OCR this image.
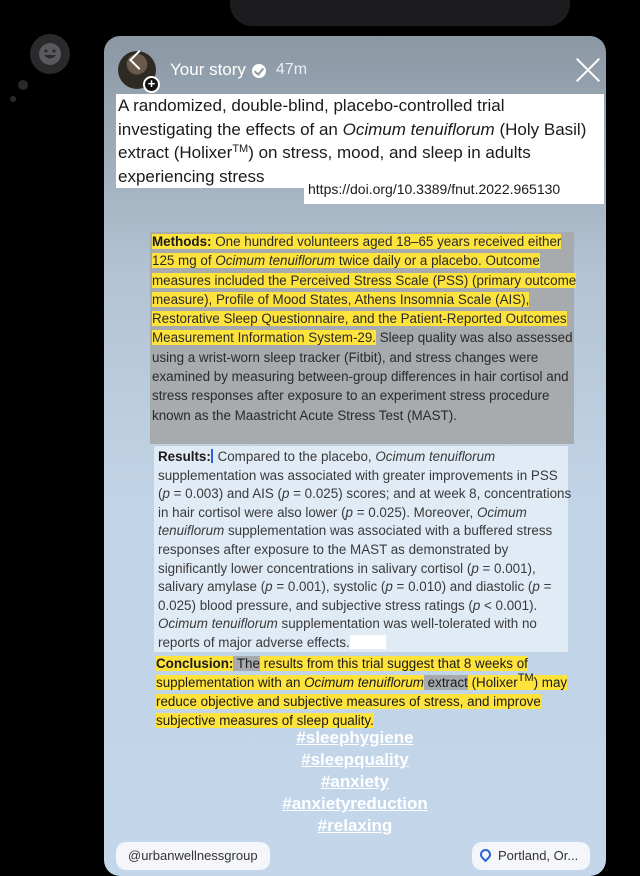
+
Your story 47m
A randomized, double-blind, placebo-controlled trial investigating the effects of an Ocimum tenuiflorum (Holy Basil) extract (Holixer™) on stress, mood, and sleep in adults experiencing stress
https://doi.org/10.3389/fnut.2022.965130
Methods: One hundred volunteers aged 18–65 years received either 125 mg of Ocimum tenuiflorum twice daily or a placebo. Outcome measures included the Perceived Stress Scale (PSS) (primary outcome measure), Profile of Mood States, Athens Insomnia Scale (AIS), Restorative Sleep Questionnaire, and the Patient-Reported Outcomes Measurement Information System-29. Sleep quality was also assessed using a wrist-worn sleep tracker (Fitbit), and stress changes were examined by measuring between-group differences in hair cortisol and stress responses after exposure to an experiment stress procedure known as the Maastricht Acute Stress Test (MAST).
Results: Compared to the placebo, Ocimum tenuiflorum supplementation was associated with greater improvements in PSS (p = 0.003) and AIS (p = 0.025) scores; and at week 8, concentrations in hair cortisol were also lower (p = 0.025). Moreover, Ocimum tenuiflorum supplementation was associated with a buffered stress responses after exposure to the MAST as demonstrated by significantly lower concentrations in salivary cortisol (p = 0.001), salivary amylase (p = 0.001), systolic (p = 0.010) and diastolic (p = 0.025) blood pressure, and subjective stress ratings (p < 0.001). Ocimum tenuiflorum supplementation was well-tolerated with no reports of major adverse effects.
Conclusion: The results from this trial suggest that 8 weeks of supplementation with an Ocimum tenuiflorum extract (Holixer™) may reduce objective and subjective measures of stress, and improve subjective measures of sleep quality.
#sleephygiene
#sleepquality
#anxiety
#anxietyreduction
#relaxing
@urbanwellnessgroup	Portland, Or...
